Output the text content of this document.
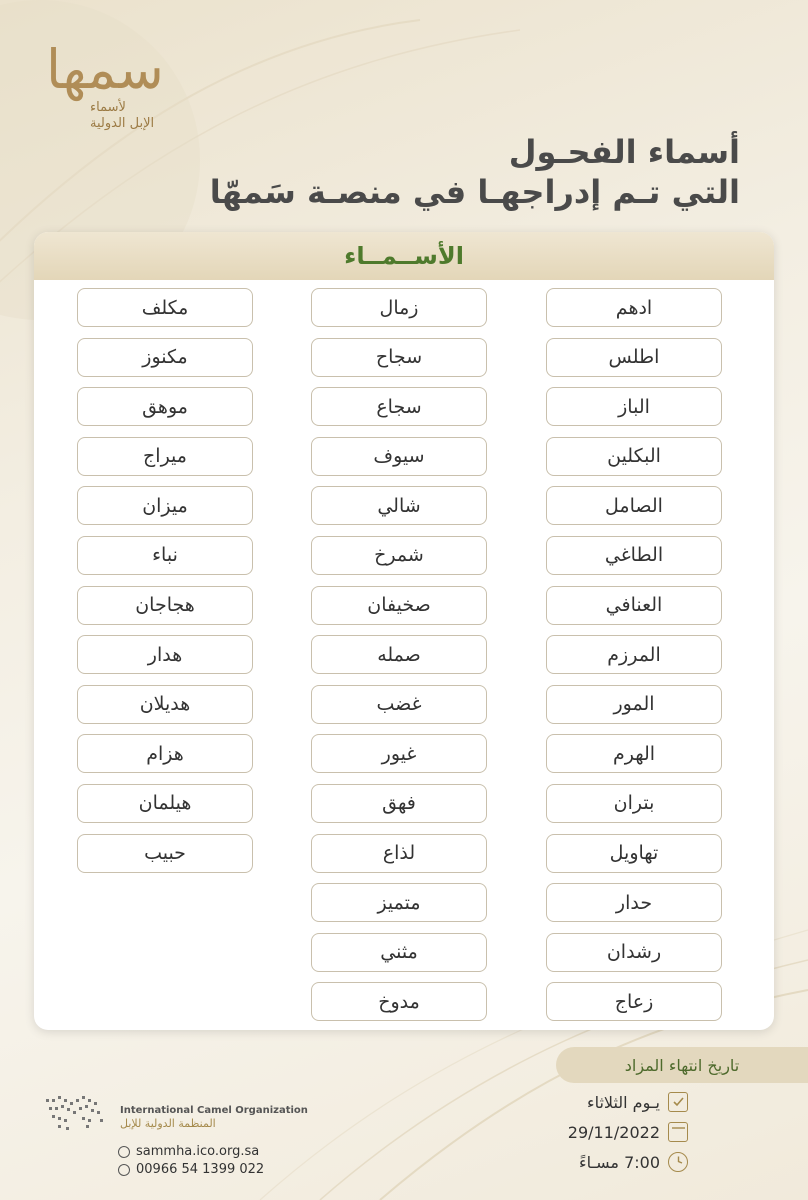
سمها
لأسماء
الإبل الدولية
أسماء الفحـول
التي تـم إدراجهـا في منصـة سَمهّا
الأســمــاء
ادهم
اطلس
الباز
البكلين
الصامل
الطاغي
العنافي
المرزم
المور
الهرم
بتران
تهاويل
حدار
رشدان
زعاج
زمال
سجاح
سجاع
سيوف
شالي
شمرخ
صخيفان
صمله
غضب
غيور
فهق
لذاع
متميز
مثني
مدوخ
مكلف
مكنوز
موهق
ميراج
ميزان
نباء
هجاجان
هدار
هديلان
هزام
هيلمان
حبيب
تاريخ انتهاء المزاد
يـوم الثلاثاء
29/11/2022
7:00 مسـاءً
International Camel Organization
المنظمة الدولية للإبل
sammha.ico.org.sa
00966 54 1399 022
